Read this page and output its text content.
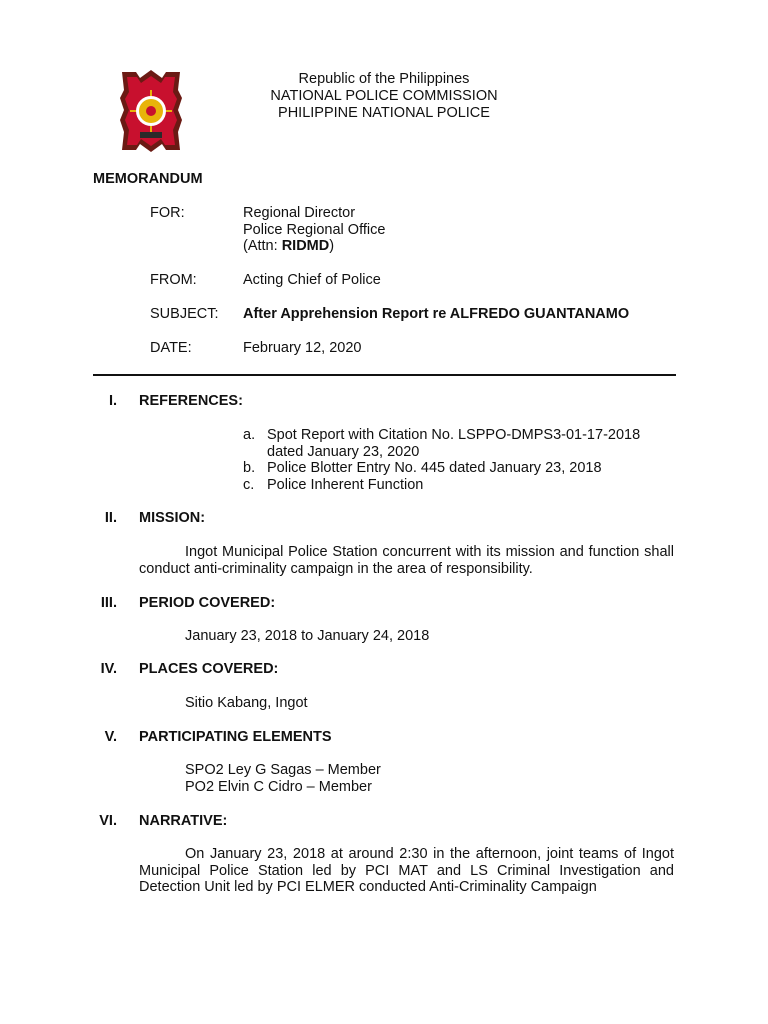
Republic of the Philippines
NATIONAL POLICE COMMISSION
PHILIPPINE NATIONAL POLICE
MEMORANDUM
FOR:	Regional Director
Police Regional Office
(Attn: RIDMD)
FROM:	Acting Chief of Police
SUBJECT: After Apprehension Report re ALFREDO GUANTANAMO
DATE:	February 12, 2020
I. REFERENCES:
a. Spot Report with Citation No. LSPPO-DMPS3-01-17-2018 dated January 23, 2020
b. Police Blotter Entry No. 445 dated January 23, 2018
c. Police Inherent Function
II. MISSION:
Ingot Municipal Police Station concurrent with its mission and function shall conduct anti-criminality campaign in the area of responsibility.
III. PERIOD COVERED:
January 23, 2018 to January 24, 2018
IV. PLACES COVERED:
Sitio Kabang, Ingot
V. PARTICIPATING ELEMENTS
SPO2 Ley G Sagas – Member
PO2 Elvin C Cidro – Member
VI. NARRATIVE:
On January 23, 2018 at around 2:30 in the afternoon, joint teams of Ingot Municipal Police Station led by PCI MAT and LS Criminal Investigation and Detection Unit led by PCI ELMER conducted Anti-Criminality Campaign
